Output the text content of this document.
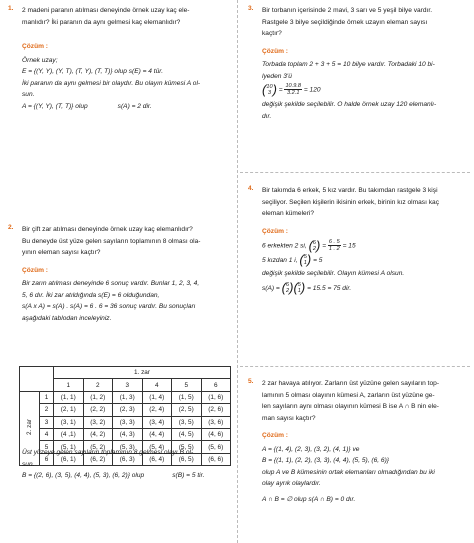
1. 2 madeni paranın atılması deneyinde örnek uzay kaç ele-
manlıdır? İki paranın da aynı gelmesi kaç elemanlıdır?
Çözüm :
Örnek uzay;
E = {(Y, Y), (Y, T), (T, Y), (T, T)} olup s(E) = 4 tür.
İki paranın da aynı gelmesi bir olaydır. Bu olayın kümesi A ol-
sun.
A = {(Y, Y), (T, T)} olup	s(A) = 2 dir.
2. Bir çift zar atılması deneyinde örnek uzay kaç elemanlıdır?
Bu deneyde üst yüze gelen sayıların toplamının 8 olması ola-
yının eleman sayısı kaçtır?
Çözüm :
Bir zarın atılması deneyinde 6 sonuç vardır. Bunlar 1, 2, 3, 4,
5, 6 dır. İki zar atıldığında s(E) = 6 olduğundan,
s(A x A) = s(A) . s(A) = 6 . 6 = 36 sonuç vardır. Bu sonuçları
aşağıdaki tablodan inceleyiniz.
		1. zar					
		1	2	3	4	5	6
2. zar	1	(1, 1)	(1, 2)	(1, 3)	(1, 4)	(1, 5)	(1, 6)
	2	(2, 1)	(2, 2)	(2, 3)	(2, 4)	(2, 5)	(2, 6)
	3	(3, 1)	(3, 2)	(3, 3)	(3, 4)	(3, 5)	(3, 6)
	4	(4 ,1)	(4, 2)	(4, 3)	(4, 4)	(4, 5)	(4, 6)
	5	(5, 1)	(5, 2)	(5, 3)	(5, 4)	(5, 5)	(5, 6)
	6	(6, 1)	(6, 2)	(6, 3)	(6, 4)	(6, 5)	(6, 6)
Üst yüzeye gelen sayıların toplamının 8 gelmesi olayı B ol-
sun.
B = {(2, 6), (3, 5), (4, 4), (5, 3), (6, 2)} olup	s(B) = 5 tir.
3. Bir torbanın içerisinde 2 mavi, 3 sarı ve 5 yeşil bilye vardır.
Rastgele 3 bilye seçildiğinde örnek uzayın eleman sayısı
kaçtır?
Çözüm :
Torbada toplam 2 + 3 + 5 = 10 bilye vardır. Torbadaki 10 bi-
lyeden 3'ü
( 10
3 ) = $\frac{10.9.8}{3.2.1} = 120$
değişik şekilde seçilebilir. O halde örnek uzay 120 elemanlı-
dır.
4. Bir takımda 6 erkek, 5 kız vardır. Bu takımdan rastgele 3 kişi
seçiliyor. Seçilen kişilerin ikisinin erkek, birinin kız olması kaç
eleman kümeleri?
Çözüm :
6 erkekten 2 si, ( 6
2 ) = $\frac{6 . 5}{1 . 2} = 15$
5 kızdan 1 i, ( 5
1 ) = 5
değişik şekilde seçilebilir. Olayın kümesi A olsun.
s(A) = ( 6
2 )( 5
1 ) = 15.5 = 75 dir.
5. 2 zar havaya atılıyor. Zarların üst yüzüne gelen sayıların top-
lamının 5 olması olayının kümesi A, zarların üst yüzüne ge-
len sayıların aynı olması olayının kümesi B ise A ∩ B nin ele-
man sayısı kaçtır?
Çözüm :
A = {(1, 4), (2, 3), (3, 2), (4, 1)} ve
B = {(1, 1), (2, 2), (3, 3), (4, 4), (5, 5), (6, 6)}
olup A ve B kümesinin ortak elemanları olmadığından bu iki
olay ayrık olaylardır.
A ∩ B = ∅ olup s(A ∩ B) = 0 dır.
